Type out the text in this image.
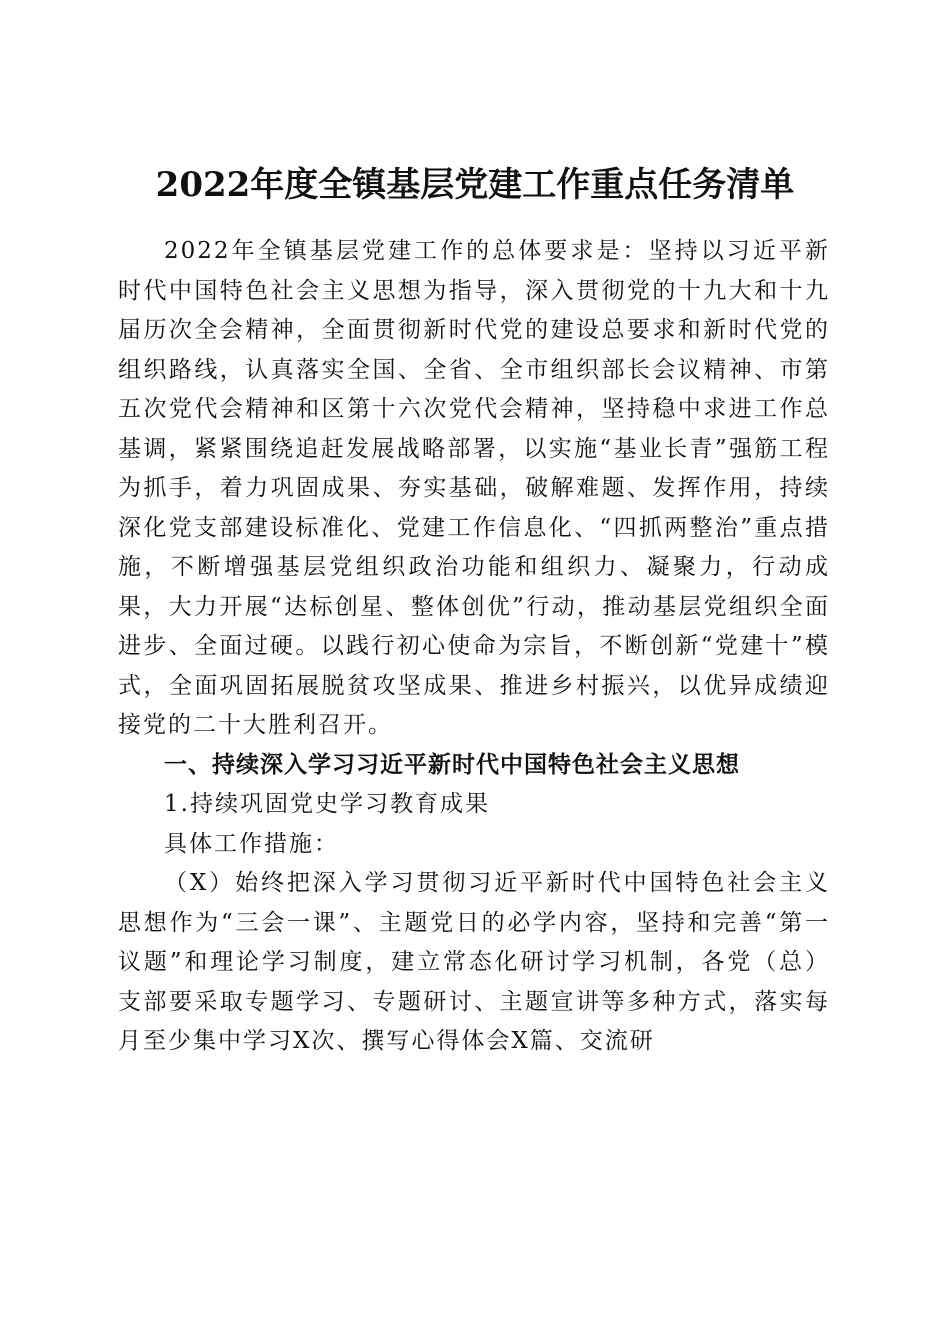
2022年度全镇基层党建工作重点任务清单

2022年全镇基层党建工作的总体要求是：坚持以习近平新时代中国特色社会主义思想为指导，深入贯彻党的十九大和十九届历次全会精神，全面贯彻新时代党的建设总要求和新时代党的组织路线，认真落实全国、全省、全市组织部长会议精神、市第五次党代会精神和区第十六次党代会精神，坚持稳中求进工作总基调，紧紧围绕追赶发展战略部署，以实施“基业长青”强筋工程为抓手，着力巩固成果、夯实基础，破解难题、发挥作用，持续深化党支部建设标准化、党建工作信息化、“四抓两整治”重点措施，不断增强基层党组织政治功能和组织力、凝聚力，行动成果，大力开展“达标创星、整体创优”行动，推动基层党组织全面进步、全面过硬。以践行初心使命为宗旨，不断创新“党建十”模式，全面巩固拓展脱贫攻坚成果、推进乡村振兴，以优异成绩迎接党的二十大胜利召开。

一、持续深入学习习近平新时代中国特色社会主义思想

1.持续巩固党史学习教育成果

具体工作措施：

（X）始终把深入学习贯彻习近平新时代中国特色社会主义思想作为“三会一课”、主题党日的必学内容，坚持和完善“第一议题”和理论学习制度，建立常态化研讨学习机制，各党（总）支部要采取专题学习、专题研讨、主题宣讲等多种方式，落实每月至少集中学习X次、撰写心得体会X篇、交流研
